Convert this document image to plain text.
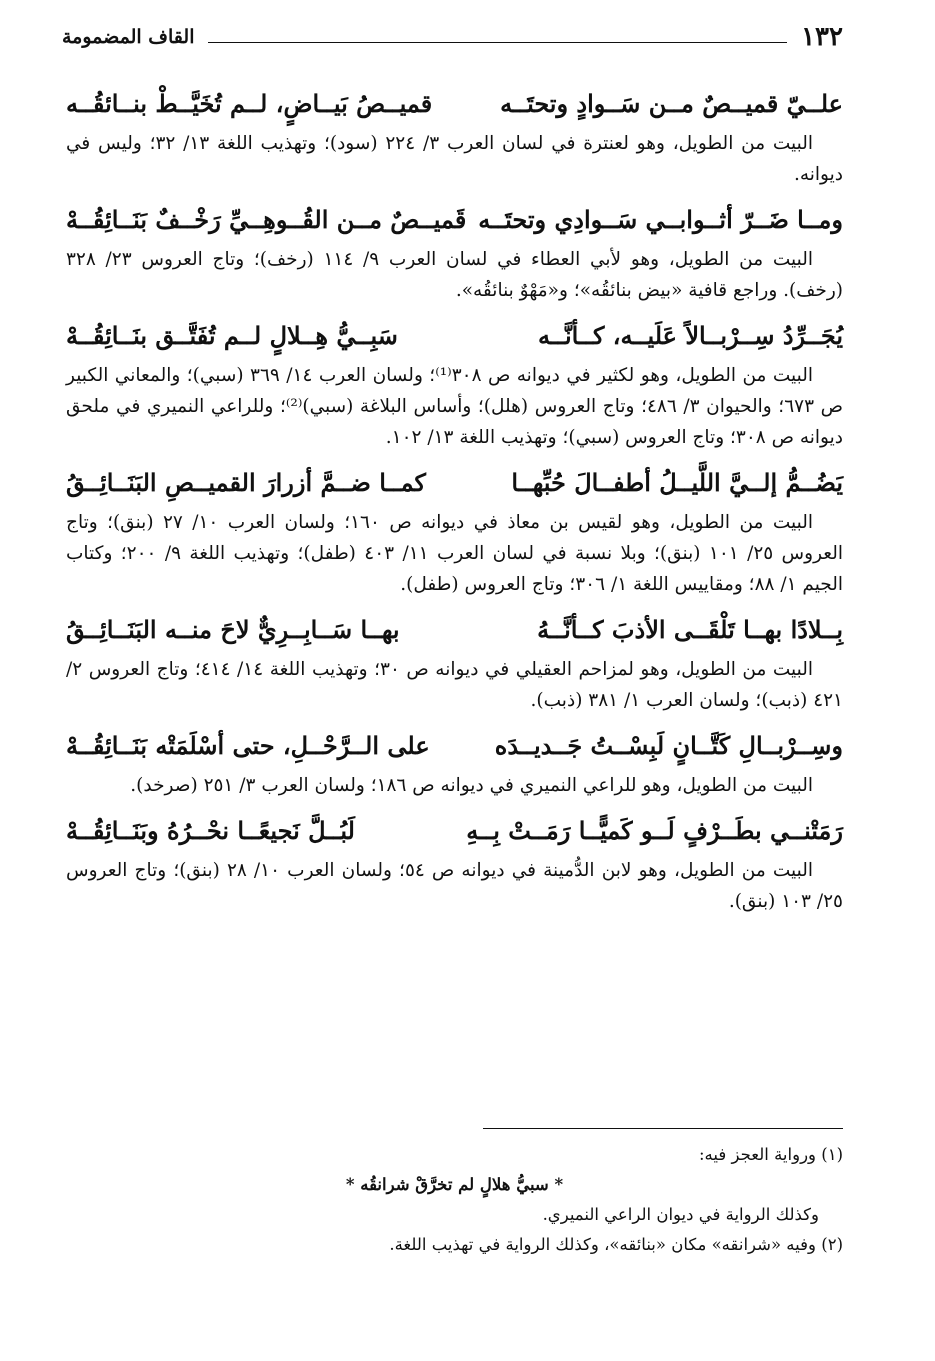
١٣٢
القاف المضمومة
علــيّ قميــصٌ مــن سَــوادٍ وتحتَــه
قميــصُ بَيــاضٍ، لــم تُخَيَّــطْ بنــائقُــه

البيت من الطويل، وهو لعنترة في لسان العرب ٣/ ٢٢٤ (سود)؛ وتهذيب اللغة ١٣/ ٣٢؛ وليس في ديوانه.

ومــا ضَــرّ أثــوابــي سَــوادِي وتحتَــه
قَميــصٌ مــن القُــوهِــيِّ رَخْــفٌ بَنَــائِقُــهْ

البيت من الطويل، وهو لأبي العطاء في لسان العرب ٩/ ١١٤ (رخف)؛ وتاج العروس ٢٣/ ٣٢٨ (رخف). وراجع قافية «بيض بنائقُه»؛ و«مَهْوٌ بنائقُه».

يُجَــرِّدُ سِــرْبــالاً عَلَيــه، كــأنَّــه
سَبِــيُّ هِــلالٍ لــم تُفَتَّــق بنَــائِقُــهْ

البيت من الطويل، وهو لكثير في ديوانه ص ٣٠٨⁽¹⁾؛ ولسان العرب ١٤/ ٣٦٩ (سبي)؛ والمعاني الكبير ص ٦٧٣؛ والحيوان ٣/ ٤٨٦؛ وتاج العروس (هلل)؛ وأساس البلاغة (سبي)⁽²⁾؛ وللراعي النميري في ملحق ديوانه ص ٣٠٨؛ وتاج العروس (سبي)؛ وتهذيب اللغة ١٣/ ١٠٢.

يَضُــمُّ إلــيَّ اللَّيــلُ أطفــالَ حُبِّهــا
كمــا ضــمَّ أزرارَ القميــصِ البَنَــائِــقُ

البيت من الطويل، وهو لقيس بن معاذ في ديوانه ص ١٦٠؛ ولسان العرب ١٠/ ٢٧ (بنق)؛ وتاج العروس ٢٥/ ١٠١ (بنق)؛ وبلا نسبة في لسان العرب ١١/ ٤٠٣ (طفل)؛ وتهذيب اللغة ٩/ ٢٠٠؛ وكتاب الجيم ١/ ٨٨؛ ومقاييس اللغة ١/ ٣٠٦؛ وتاج العروس (طفل).

بِــلادًا بهــا تَلْقَــى الأذبَ كــأنَّــهُ
بهــا سَــابِــرِيٌّ لاحَ منــه البَنَــائِــقُ

البيت من الطويل، وهو لمزاحم العقيلي في ديوانه ص ٣٠؛ وتهذيب اللغة ١٤/ ٤١٤؛ وتاج العروس ٢/ ٤٢١ (ذبب)؛ ولسان العرب ١/ ٣٨١ (ذبب).

وسِــرْبــالِ كَتَّــانٍ لَبِسْــتُ جَــديــدَه
على الــرَّحْــلِ، حتى أسْلَمَتْه بَنَــائِقُــهْ

البيت من الطويل، وهو للراعي النميري في ديوانه ص ١٨٦؛ ولسان العرب ٣/ ٢٥١ (صرخد).

رَمَتْنــي بطَــرْفٍ لَــو كَميًّــا رَمَــتْ بِــهِ
لَبُــلَّ نَجيعًــا نحْــرُهُ وبَنَــائِقُــهْ

البيت من الطويل، وهو لابن الدُّمينة في ديوانه ص ٥٤؛ ولسان العرب ١٠/ ٢٨ (بنق)؛ وتاج العروس ٢٥/ ١٠٣ (بنق).

(١) ورواية العجز فيه:

* سبيُّ هلالٍ لم تخرَّقْ شرانقُه *

وكذلك الرواية في ديوان الراعي النميري.

(٢) وفيه «شرانقه» مكان «بنائقه»، وكذلك الرواية في تهذيب اللغة.
